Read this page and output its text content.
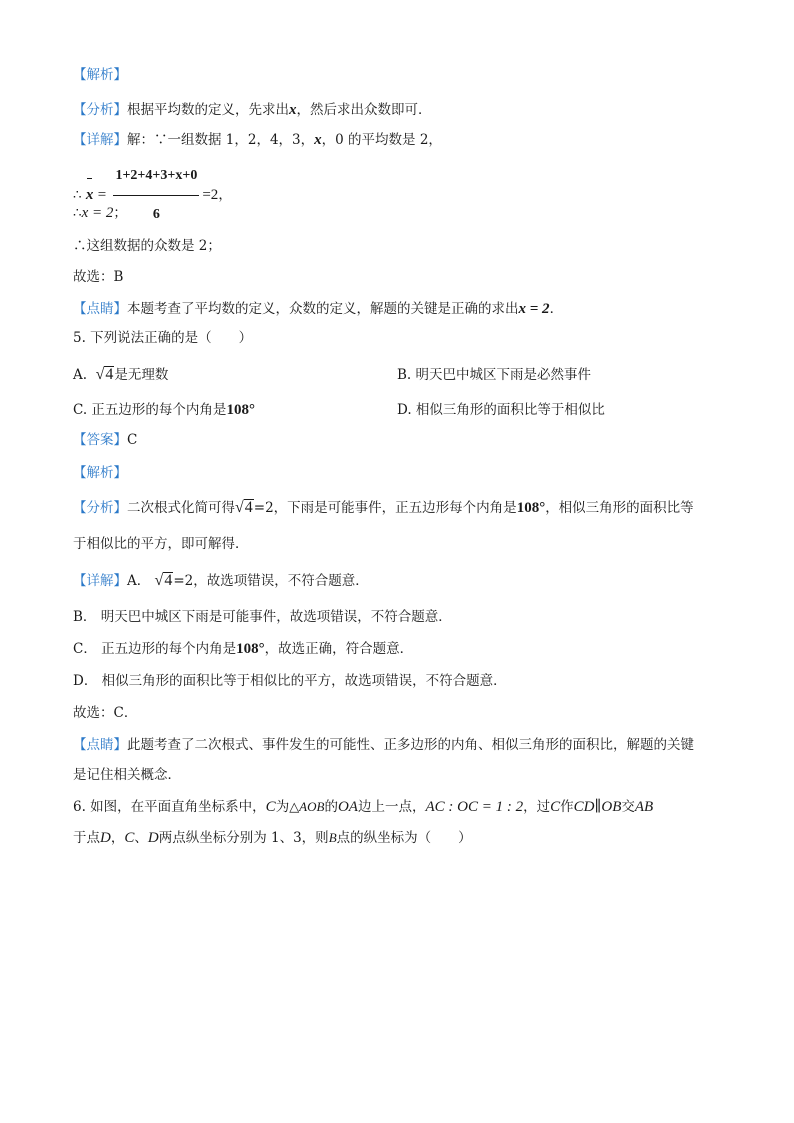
【解析】
【分析】根据平均数的定义，先求出x，然后求出众数即可．
【详解】解：∵一组数据 1，2，4，3，x，0 的平均数是 2，
∴ $x = \frac{1+2+4+3+x+0}{6} =2$，
∴x = 2；
∴这组数据的众数是 2；
故选：B
【点睛】本题考查了平均数的定义，众数的定义，解题的关键是正确的求出x = 2．
5. 下列说法正确的是（　　）
A. √4是无理数	B. 明天巴中城区下雨是必然事件
C. 正五边形的每个内角是108°	D. 相似三角形的面积比等于相似比
【答案】C
【解析】
【分析】二次根式化简可得√4=2，下雨是可能事件，正五边形每个内角是108°，相似三角形的面积比等
于相似比的平方，即可解得．
【详解】A． √4=2，故选项错误，不符合题意．
B． 明天巴中城区下雨是可能事件，故选项错误，不符合题意．
C． 正五边形的每个内角是108°，故选正确，符合题意．
D． 相似三角形的面积比等于相似比的平方，故选项错误，不符合题意．
故选：C．
【点睛】此题考查了二次根式、事件发生的可能性、正多边形的内角、相似三角形的面积比，解题的关键
是记住相关概念．
6. 如图，在平面直角坐标系中，C为△AOB的OA边上一点，AC : OC = 1 : 2，过C作CD∥OB交AB
于点D，C、D两点纵坐标分别为 1、3，则B点的纵坐标为（　　）
